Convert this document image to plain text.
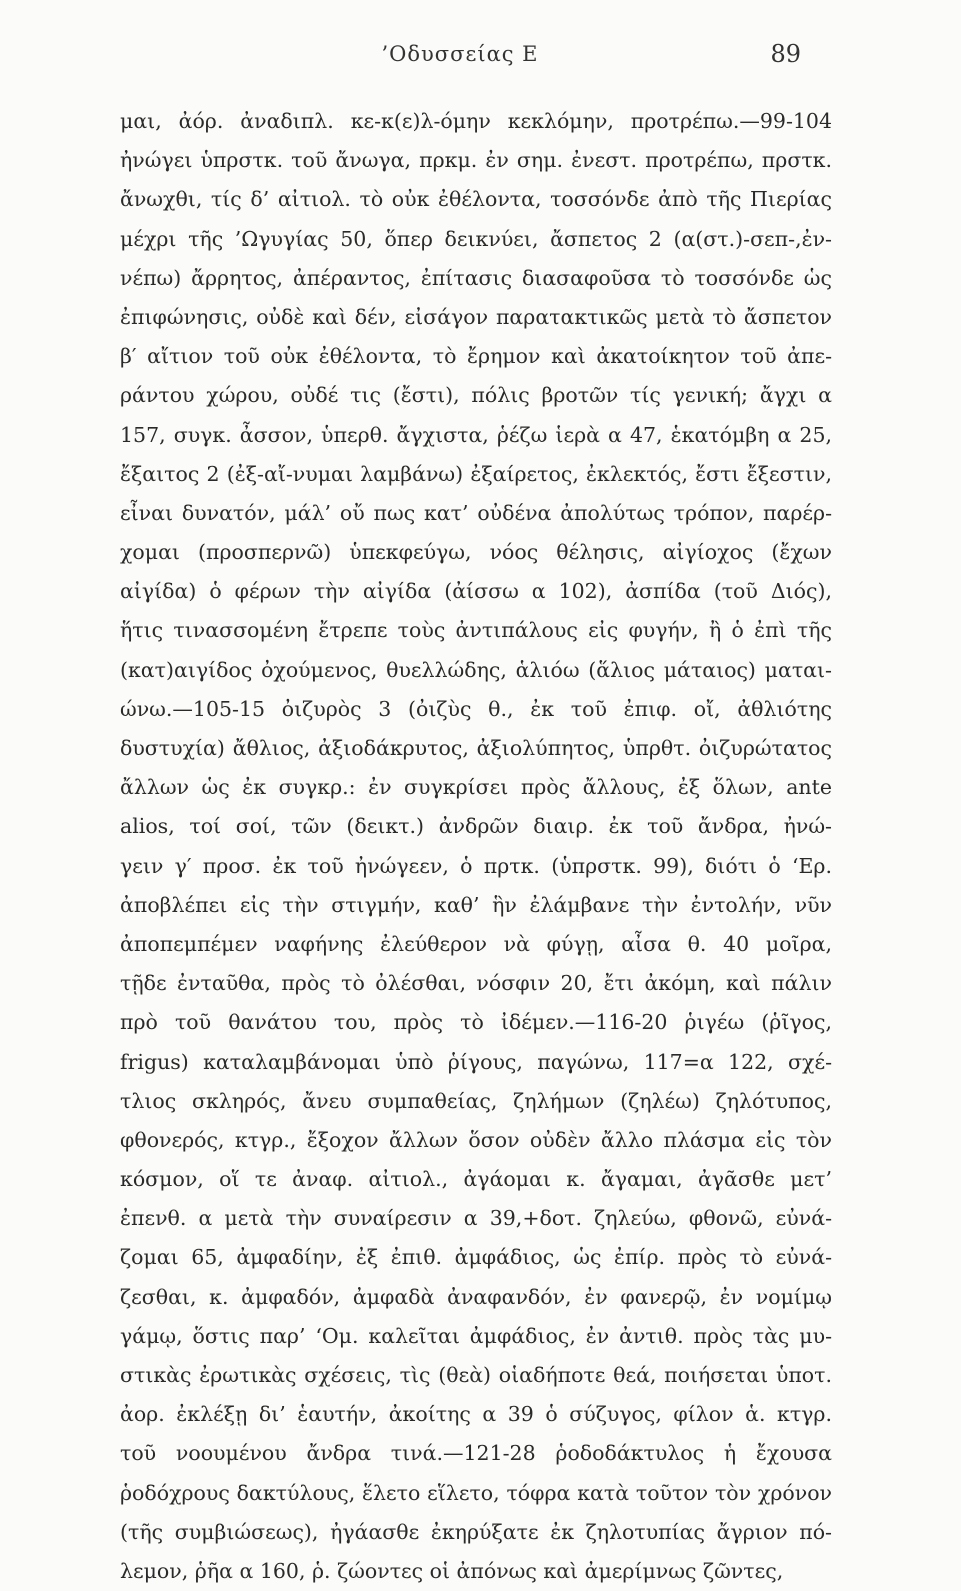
’Οδυσσείας Ε	89
μαι, ἀόρ. ἀναδιπλ. κε-κ(ε)λ-όμην κεκλόμην, προτρέπω.—99-104
ἠνώγει ὑπρστκ. τοῦ ἄνωγα, πρκμ. ἐν σημ. ἐνεστ. προτρέπω, πρστκ.
ἄνωχθι, τίς δ’ αἰτιολ. τὸ οὐκ ἐθέλοντα, τοσσόνδε ἀπὸ τῆς Πιερίας
μέχρι τῆς ’Ωγυγίας 50, ὅπερ δεικνύει, ἄσπετος 2 (α(στ.)-σεπ-,ἐν-
νέπω) ἄρρητος, ἀπέραντος, ἐπίτασις διασαφοῦσα τὸ τοσσόνδε ὡς
ἐπιφώνησις, οὐδὲ καὶ δέν, εἰσάγον παρατακτικῶς μετὰ τὸ ἄσπετον
β′ αἴτιον τοῦ οὐκ ἐθέλοντα, τὸ ἔρημον καὶ ἀκατοίκητον τοῦ ἀπε-
ράντου χώρου, οὐδέ τις (ἔστι), πόλις βροτῶν τίς γενική; ἄγχι α
157, συγκ. ἆσσον, ὑπερθ. ἄγχιστα, ῥέζω ἱερὰ α 47, ἑκατόμβη α 25,
ἔξαιτος 2 (ἐξ-αἴ-νυμαι λαμβάνω) ἐξαίρετος, ἐκλεκτός, ἔστι ἔξεστιν,
εἶναι δυνατόν, μάλ’ οὔ πως κατ’ οὐδένα ἀπολύτως τρόπον, παρέρ-
χομαι (προσπερνῶ) ὑπεκφεύγω, νόος θέλησις, αἰγίοχος (ἔχων
αἰγίδα) ὁ φέρων τὴν αἰγίδα (ἀίσσω α 102), ἀσπίδα (τοῦ Διός),
ἥτις τινασσομένη ἔτρεπε τοὺς ἀντιπάλους εἰς φυγήν, ἢ ὁ ἐπὶ τῆς
(κατ)αιγίδος ὀχούμενος, θυελλώδης, ἁλιόω (ἅλιος μάταιος) μαται-
ώνω.—105-15 ὀιζυρὸς 3 (ὀιζὺς θ., ἐκ τοῦ ἐπιφ. οἴ, ἀθλιότης
δυστυχία) ἄθλιος, ἀξιοδάκρυτος, ἀξιολύπητος, ὑπρθτ. ὀιζυρώτατος
ἄλλων ὡς ἐκ συγκρ.: ἐν συγκρίσει πρὸς ἄλλους, ἐξ ὅλων, ante
alios, τοί σοί, τῶν (δεικτ.) ἀνδρῶν διαιρ. ἐκ τοῦ ἄνδρα, ἠνώ-
γειν γ′ προσ. ἐκ τοῦ ἠνώγεεν, ὁ πρτκ. (ὑπρστκ. 99), διότι ὁ ‘Ερ.
ἀποβλέπει εἰς τὴν στιγμήν, καθ’ ἣν ἐλάμβανε τὴν ἐντολήν, νῦν
ἀποπεμπέμεν ναφήνης ἐλεύθερον νὰ φύγῃ, αἶσα θ. 40 μοῖρα,
τῇδε ἐνταῦθα, πρὸς τὸ ὀλέσθαι, νόσφιν 20, ἔτι ἀκόμη, καὶ πάλιν
πρὸ τοῦ θανάτου του, πρὸς τὸ ἰδέμεν.—116-20 ῥιγέω (ῥῖγος,
frigus) καταλαμβάνομαι ὑπὸ ῥίγους, παγώνω, 117=α 122, σχέ-
τλιος σκληρός, ἄνευ συμπαθείας, ζηλήμων (ζηλέω) ζηλότυπος,
φθονερός, κτγρ., ἔξοχον ἄλλων ὅσον οὐδὲν ἄλλο πλάσμα εἰς τὸν
κόσμον, οἵ τε ἀναφ. αἰτιολ., ἀγάομαι κ. ἄγαμαι, ἀγᾶσθε μετ’
ἐπενθ. α μετὰ τὴν συναίρεσιν α 39,+δοτ. ζηλεύω, φθονῶ, εὐνά-
ζομαι 65, ἀμφαδίην, ἐξ ἐπιθ. ἀμφάδιος, ὡς ἐπίρ. πρὸς τὸ εὐνά-
ζεσθαι, κ. ἀμφαδόν, ἀμφαδὰ ἀναφανδόν, ἐν φανερῷ, ἐν νομίμῳ
γάμῳ, ὅστις παρ’ ‘Ομ. καλεῖται ἀμφάδιος, ἐν ἀντιθ. πρὸς τὰς μυ-
στικὰς ἐρωτικὰς σχέσεις, τὶς (θεὰ) οἱαδήποτε θεά, ποιήσεται ὑποτ.
ἀορ. ἐκλέξῃ δι’ ἑαυτήν, ἀκοίτης α 39 ὁ σύζυγος, φίλον ἁ. κτγρ.
τοῦ νοουμένου ἄνδρα τινά.—121-28 ῥοδοδάκτυλος ἡ ἔχουσα
ῥοδόχρους δακτύλους, ἕλετο εἵλετο, τόφρα κατὰ τοῦτον τὸν χρόνον
(τῆς συμβιώσεως), ἠγάασθε ἐκηρύξατε ἐκ ζηλοτυπίας ἄγριον πό-
λεμον, ῥῆα α 160, ῥ. ζώοντες οἱ ἀπόνως καὶ ἀμερίμνως ζῶντες,
